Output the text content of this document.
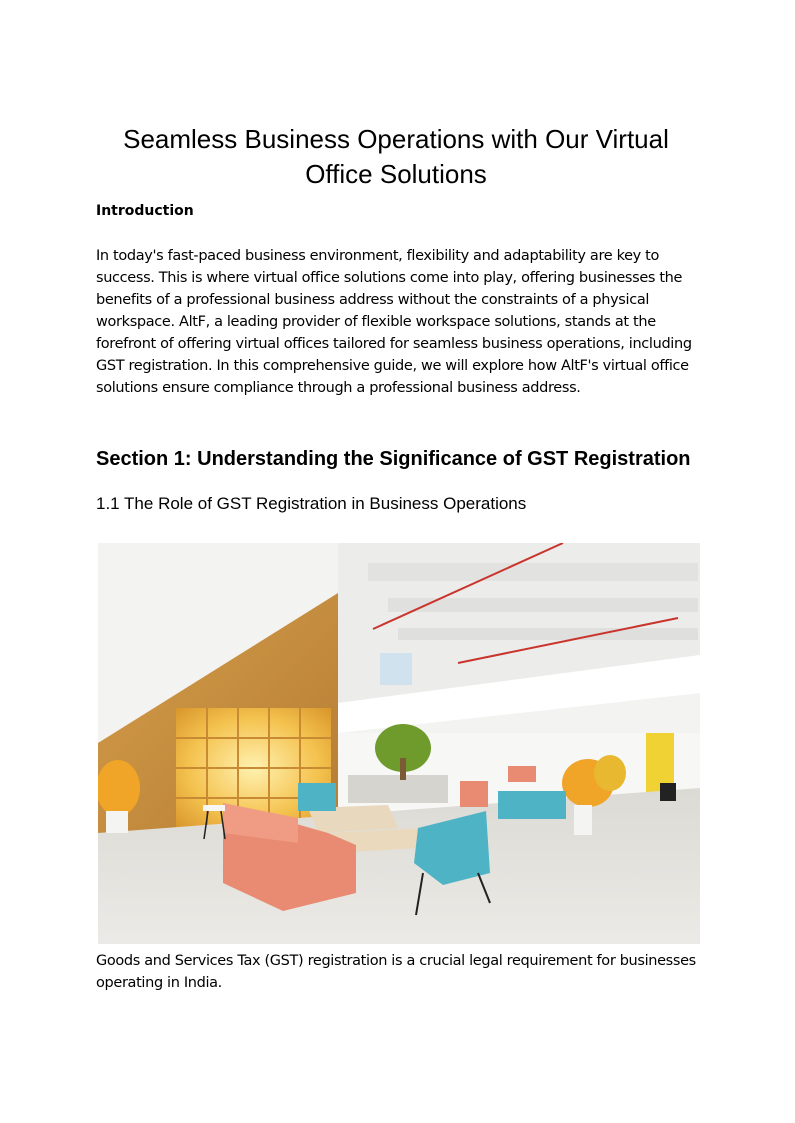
Seamless Business Operations with Our Virtual Office Solutions
Introduction

In today's fast-paced business environment, flexibility and adaptability are key to success. This is where virtual office solutions come into play, offering businesses the benefits of a professional business address without the constraints of a physical workspace. AltF, a leading provider of flexible workspace solutions, stands at the forefront of offering virtual offices tailored for seamless business operations, including GST registration. In this comprehensive guide, we will explore how AltF's virtual office solutions ensure compliance through a professional business address.

Section 1: Understanding the Significance of GST Registration
1.1 The Role of GST Registration in Business Operations

Goods and Services Tax (GST) registration is a crucial legal requirement for businesses operating in India.
